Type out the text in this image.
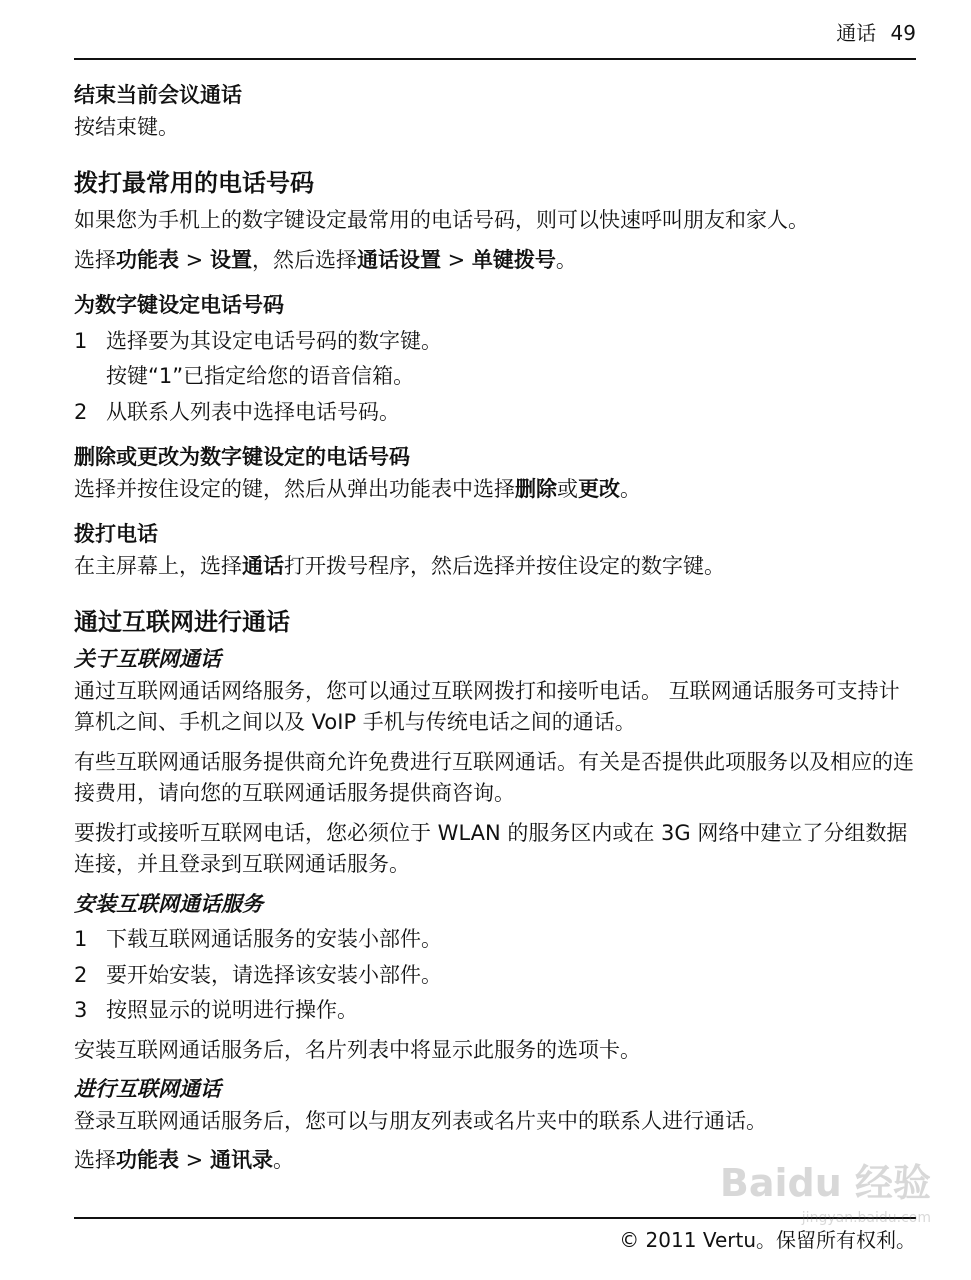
通话 49

结束当前会议通话

按结束键。

拨打最常用的电话号码

如果您为手机上的数字键设定最常用的电话号码，则可以快速呼叫朋友和家人。

选择功能表 > 设置，然后选择通话设置 > 单键拨号。

为数字键设定电话号码

1 选择要为其设定电话号码的数字键。

按键“1”已指定给您的语音信箱。

2 从联系人列表中选择电话号码。

删除或更改为数字键设定的电话号码

选择并按住设定的键，然后从弹出功能表中选择删除或更改。

拨打电话

在主屏幕上，选择通话打开拨号程序，然后选择并按住设定的数字键。

通过互联网进行通话

关于互联网通话

通过互联网通话网络服务，您可以通过互联网拨打和接听电话。 互联网通话服务可支持计算机之间、手机之间以及 VoIP 手机与传统电话之间的通话。

有些互联网通话服务提供商允许免费进行互联网通话。有关是否提供此项服务以及相应的连接费用，请向您的互联网通话服务提供商咨询。

要拨打或接听互联网电话，您必须位于 WLAN 的服务区内或在 3G 网络中建立了分组数据连接，并且登录到互联网通话服务。

安装互联网通话服务

1 下载互联网通话服务的安装小部件。
2 要开始安装，请选择该安装小部件。
3 按照显示的说明进行操作。

安装互联网通话服务后，名片列表中将显示此服务的选项卡。

进行互联网通话

登录互联网通话服务后，您可以与朋友列表或名片夹中的联系人进行通话。

选择功能表 > 通讯录。

© 2011 Vertu。保留所有权利。
Baidu 经验
jingyan.baidu.com
